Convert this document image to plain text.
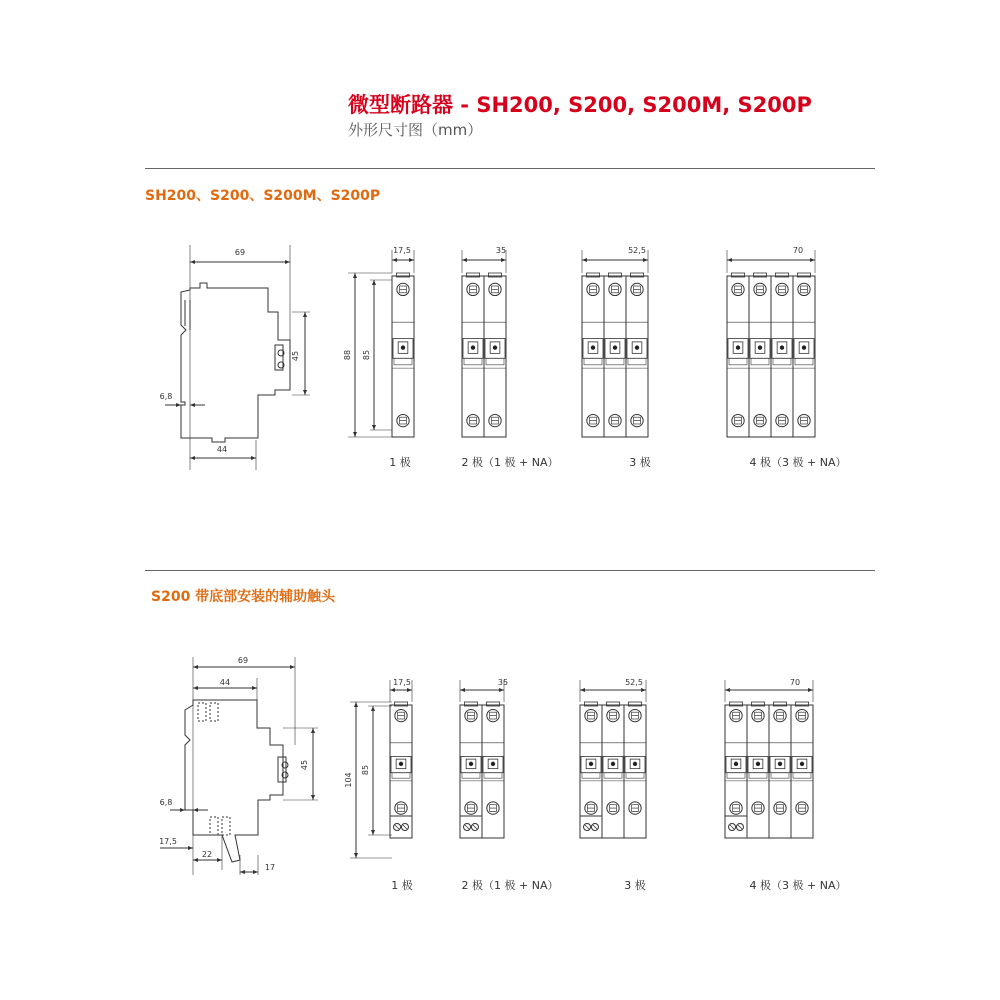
微型断路器 - SH200, S200, S200M, S200P
外形尺寸图（mm）
SH200、S200、S200M、S200P
S200 带底部安装的辅助触头
69
44
6,8
45	88 85
69
44
6,8
45
17,5
22
17
104
85
17,5	35	52,5	70
1 极	2 极（1 极 + NA）	3 极	4 极（3 极 + NA）
17,5	35	52,5	70
1 极	2 极（1 极 + NA）	3 极	4 极（3 极 + NA）
